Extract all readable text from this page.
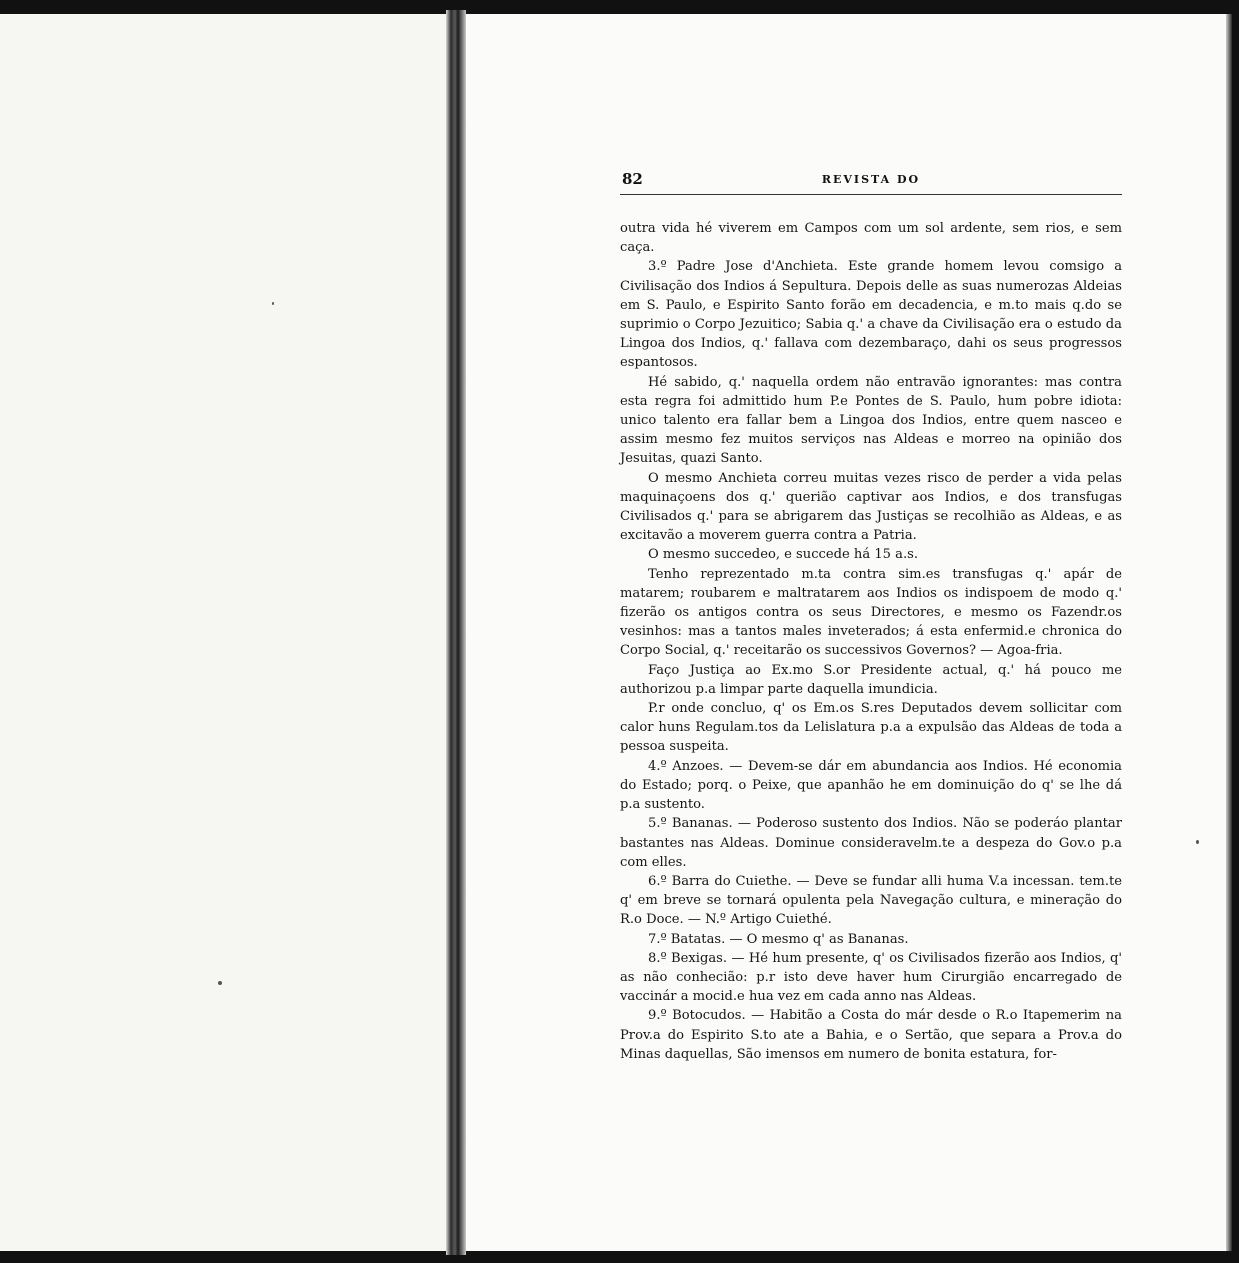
82	REVISTA DO

outra vida hé viverem em Campos com um sol ardente, sem rios, e sem caça.

3.º Padre Jose d'Anchieta. Este grande homem levou comsigo a Civilisação dos Indios á Sepultura. Depois delle as suas numerozas Aldeias em S. Paulo, e Espirito Santo forão em decadencia, e m.to mais q.do se suprimio o Corpo Jezuitico; Sabia q.' a chave da Civilisação era o estudo da Lingoa dos Indios, q.' fallava com dezembaraço, dahi os seus progressos espantosos.

Hé sabido, q.' naquella ordem não entravão ignorantes: mas contra esta regra foi admittido hum P.e Pontes de S. Paulo, hum pobre idiota: unico talento era fallar bem a Lingoa dos Indios, entre quem nasceo e assim mesmo fez muitos serviços nas Aldeas e morreo na opinião dos Jesuitas, quazi Santo.

O mesmo Anchieta correu muitas vezes risco de perder a vida pelas maquinaçoens dos q.' querião captivar aos Indios, e dos transfugas Civilisados q.' para se abrigarem das Justiças se recolhião as Aldeas, e as excitavão a moverem guerra contra a Patria.

O mesmo succedeo, e succede há 15 a.s.

Tenho reprezentado m.ta contra sim.es transfugas q.' apár de matarem; roubarem e maltratarem aos Indios os indispoem de modo q.' fizerão os antigos contra os seus Directores, e mesmo os Fazendr.os vesinhos: mas a tantos males inveterados; á esta enfermid.e chronica do Corpo Social, q.' receitarão os successivos Governos? — Agoa-fria.

Faço Justiça ao Ex.mo S.or Presidente actual, q.' há pouco me authorizou p.a limpar parte daquella imundicia.

P.r onde concluo, q' os Em.os S.res Deputados devem sollicitar com calor huns Regulam.tos da Lelislatura p.a a expulsão das Aldeas de toda a pessoa suspeita.

4.º Anzoes. — Devem-se dár em abundancia aos Indios. Hé economia do Estado; porq. o Peixe, que apanhão he em dominuição do q' se lhe dá p.a sustento.

5.º Bananas. — Poderoso sustento dos Indios. Não se poderáo plantar bastantes nas Aldeas. Dominue consideravelm.te a despeza do Gov.o p.a com elles.

6.º Barra do Cuiethe. — Deve se fundar alli huma V.a incessan. tem.te q' em breve se tornará opulenta pela Navegação cultura, e mineração do R.o Doce. — N.º Artigo Cuiethé.

7.º Batatas. — O mesmo q' as Bananas.

8.º Bexigas. — Hé hum presente, q' os Civilisados fizerão aos Indios, q' as não conhecião: p.r isto deve haver hum Cirurgião encarregado de vaccinár a mocid.e hua vez em cada anno nas Aldeas.

9.º Botocudos. — Habitão a Costa do már desde o R.o Itapemerim na Prov.a do Espirito S.to ate a Bahia, e o Sertão, que separa a Prov.a do Minas daquellas, São imensos em numero de bonita estatura, for-
